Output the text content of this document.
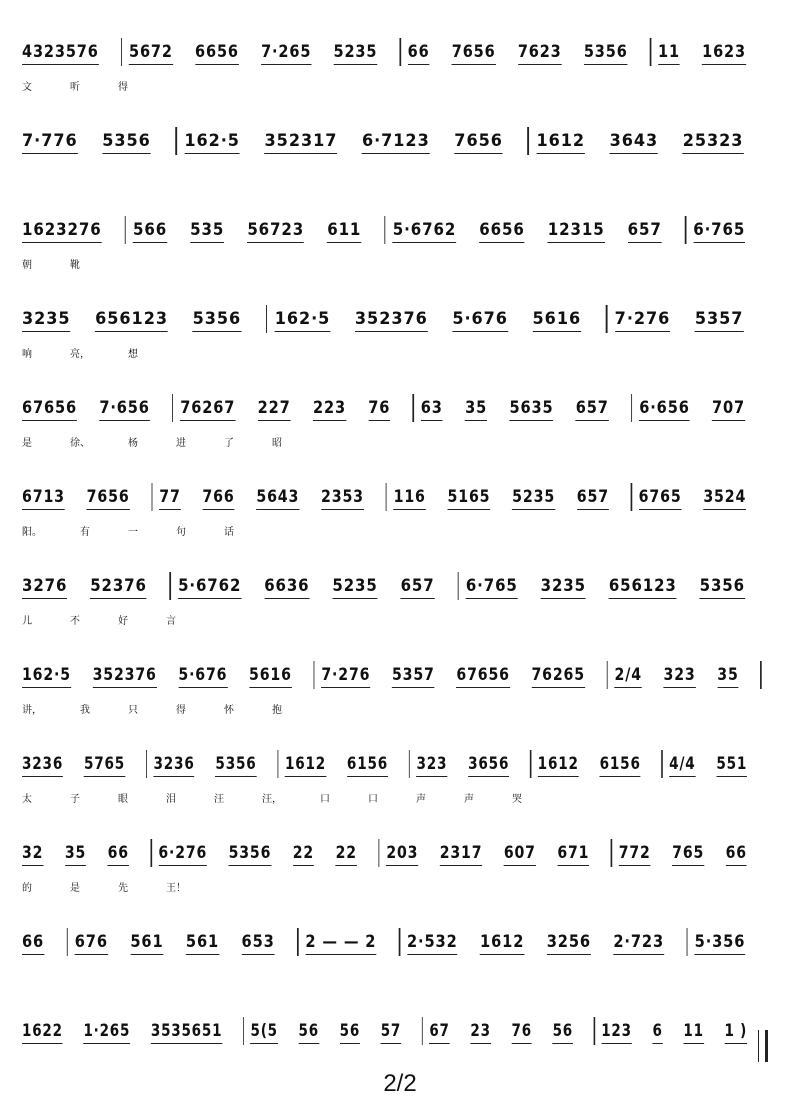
4323576 5672 6656 7·265 5235 66 7656 7623 5356 11 1623
文	听	得
7·776 5356 162·5 352317 6·7123 7656 1612 3643 25323
1623276 566 535 56723 611 5·6762 6656 12315 657 6·765
朝	靴
3235 656123 5356 162·5 352376 5·676 5616 7·276 5357
响	亮，	想
67656 7·656 76267 227 223 76 63 35 5635 657 6·656 707
是	徐、	杨	进	了	昭
6713 7656 77 766 5643 2353 116 5165 5235 657 6765 3524
阳。	有	一	句	话
3276 52376 5·6762 6636 5235 657 6·765 3235 656123 5356
儿	不	好	言
162·5 352376 5·676 5616 7·276 5357 67656 76265 2/4 323 35
讲，	我	只	得	怀	抱
3236 5765 3236 5356 1612 6156 323 3656 1612 6156 4/4 551
太	子	眼	泪	汪	汪，	口	口	声	声	哭
32 35 66 6·276 5356 22 22 203 2317 607 671 772 765 66
的	是	先	王！
66 676 561 561 653 2 — — 2 2·532 1612 3256 2·723 5·356
1622 1·265 3535651 5(5 56 56 57 67 23 76 56 123 6 11 1 )
2/2
